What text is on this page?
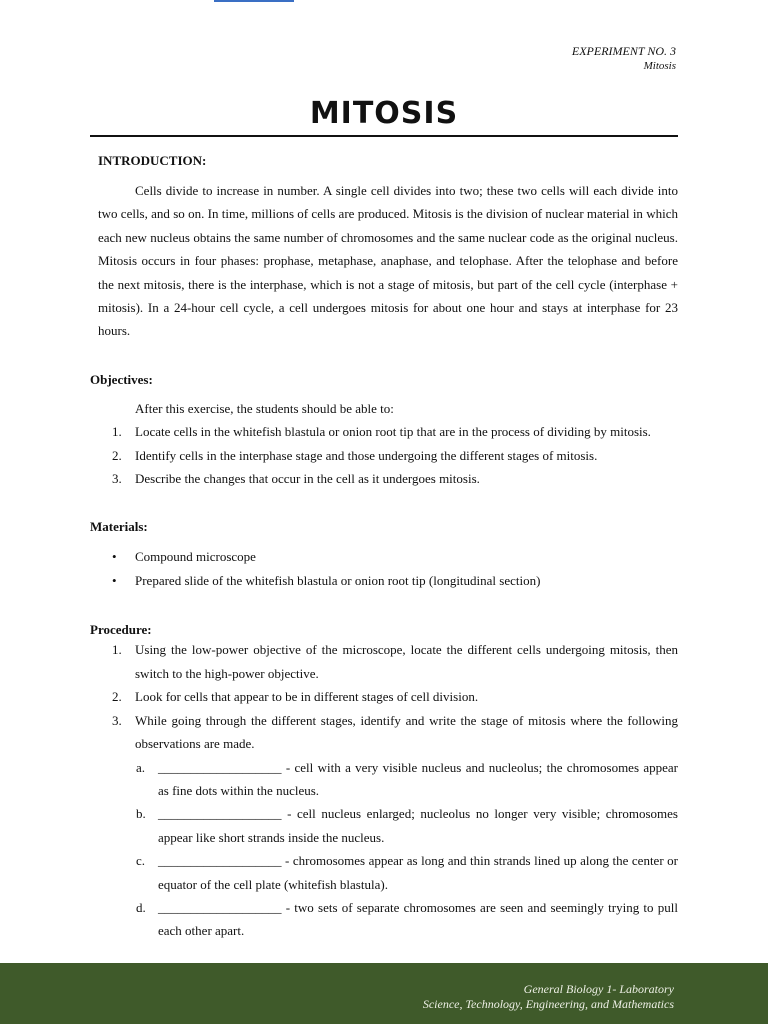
EXPERIMENT NO. 3
Mitosis
MITOSIS
INTRODUCTION:
Cells divide to increase in number. A single cell divides into two; these two cells will each divide into two cells, and so on. In time, millions of cells are produced. Mitosis is the division of nuclear material in which each new nucleus obtains the same number of chromosomes and the same nuclear code as the original nucleus. Mitosis occurs in four phases: prophase, metaphase, anaphase, and telophase. After the telophase and before the next mitosis, there is the interphase, which is not a stage of mitosis, but part of the cell cycle (interphase + mitosis). In a 24-hour cell cycle, a cell undergoes mitosis for about one hour and stays at interphase for 23 hours.
Objectives:
After this exercise, the students should be able to:
1. Locate cells in the whitefish blastula or onion root tip that are in the process of dividing by mitosis.
2. Identify cells in the interphase stage and those undergoing the different stages of mitosis.
3. Describe the changes that occur in the cell as it undergoes mitosis.
Materials:
• Compound microscope
• Prepared slide of the whitefish blastula or onion root tip (longitudinal section)
Procedure:
1. Using the low-power objective of the microscope, locate the different cells undergoing mitosis, then switch to the high-power objective.
2. Look for cells that appear to be in different stages of cell division.
3. While going through the different stages, identify and write the stage of mitosis where the following observations are made.
a. ___________________ - cell with a very visible nucleus and nucleolus; the chromosomes appear as fine dots within the nucleus.
b. ___________________ - cell nucleus enlarged; nucleolus no longer very visible; chromosomes appear like short strands inside the nucleus.
c. ___________________ - chromosomes appear as long and thin strands lined up along the center or equator of the cell plate (whitefish blastula).
d. ___________________ - two sets of separate chromosomes are seen and seemingly trying to pull each other apart.
General Biology 1- Laboratory
Science, Technology, Engineering, and Mathematics
